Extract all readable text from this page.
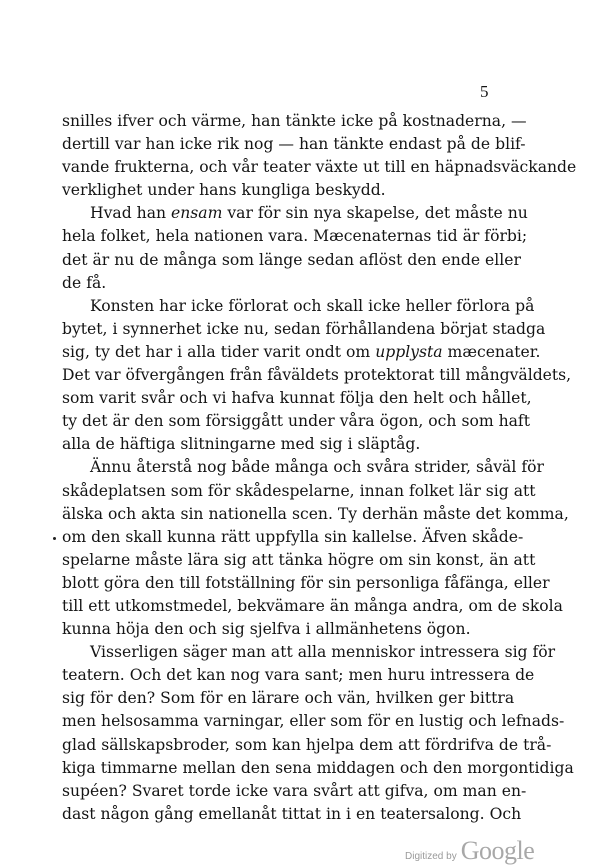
5
snilles ifver och värme, han tänkte icke på kostnaderna, —
dertill var han icke rik nog — han tänkte endast på de blif-
vande frukterna, och vår teater växte ut till en häpnadsväckande
verklighet under hans kungliga beskydd.
Hvad han ensam var för sin nya skapelse, det måste nu
hela folket, hela nationen vara. Mæcenaternas tid är förbi;
det är nu de många som länge sedan aflöst den ende eller
de få.
Konsten har icke förlorat och skall icke heller förlora på
bytet, i synnerhet icke nu, sedan förhållandena börjat stadga
sig, ty det har i alla tider varit ondt om upplysta mæcenater.
Det var öfvergången från fåväldets protektorat till mångväldets,
som varit svår och vi hafva kunnat följa den helt och hållet,
ty det är den som försiggått under våra ögon, och som haft
alla de häftiga slitningarne med sig i släptåg.
Ännu återstå nog både många och svåra strider, såväl för
skådeplatsen som för skådespelarne, innan folket lär sig att
älska och akta sin nationella scen. Ty derhän måste det komma,
om den skall kunna rätt uppfylla sin kallelse. Äfven skåde-
spelarne måste lära sig att tänka högre om sin konst, än att
blott göra den till fotställning för sin personliga fåfänga, eller
till ett utkomstmedel, bekvämare än många andra, om de skola
kunna höja den och sig sjelfva i allmänhetens ögon.
Visserligen säger man att alla menniskor intressera sig för
teatern. Och det kan nog vara sant; men huru intressera de
sig för den? Som för en lärare och vän, hvilken ger bittra
men helsosamma varningar, eller som för en lustig och lefnads-
glad sällskapsbroder, som kan hjelpa dem att fördrifva de trå-
kiga timmarne mellan den sena middagen och den morgontidiga
supéen? Svaret torde icke vara svårt att gifva, om man en-
dast någon gång emellanåt tittat in i en teatersalong. Och
Digitized by Google
